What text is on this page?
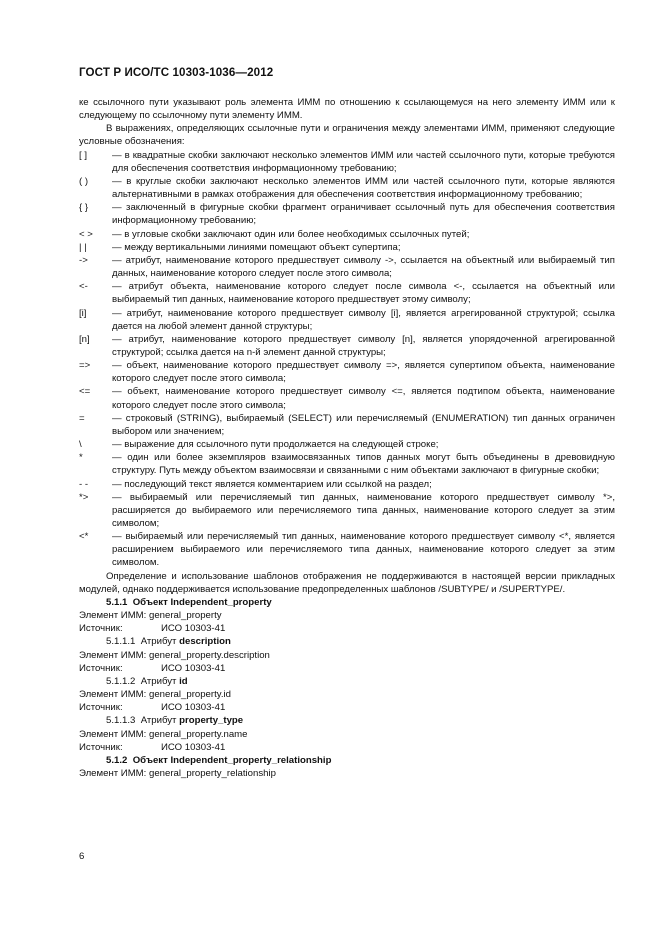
ГОСТ Р ИСО/ТС 10303-1036—2012

ке ссылочного пути указывают роль элемента ИММ по отношению к ссылающемуся на него элементу ИММ или к следующему по ссылочному пути элементу ИММ.

В выражениях, определяющих ссылочные пути и ограничения между элементами ИММ, применяют следующие условные обозначения:

[ ]	— в квадратные скобки заключают несколько элементов ИММ или частей ссылочного пути, которые требуются для обеспечения соответствия информационному требованию;

( ) — в круглые скобки заключают несколько элементов ИММ или частей ссылочного пути, которые являются альтернативными в рамках отображения для обеспечения соответствия информационному требованию;

{ } — заключенный в фигурные скобки фрагмент ограничивает ссылочный путь для обеспечения соответствия информационному требованию;

< > — в угловые скобки заключают один или более необходимых ссылочных путей;

| |	— между вертикальными линиями помещают объект супертипа;

->	— атрибут, наименование которого предшествует символу ->, ссылается на объектный или выбираемый тип данных, наименование которого следует после этого символа;

<-	— атрибут объекта, наименование которого следует после символа <-, ссылается на объектный или выбираемый тип данных, наименование которого предшествует этому символу;

[i]	— атрибут, наименование которого предшествует символу [i], является агрегированной структурой; ссылка дается на любой элемент данной структуры;

[n] — атрибут, наименование которого предшествует символу [n], является упорядоченной агрегированной структурой; ссылка дается на n-й элемент данной структуры;

=> — объект, наименование которого предшествует символу =>, является супертипом объекта, наименование которого следует после этого символа;

<= — объект, наименование которого предшествует символу <=, является подтипом объекта, наименование которого следует после этого символа;

=	— строковый (STRING), выбираемый (SELECT) или перечисляемый (ENUMERATION) тип данных ограничен выбором или значением;

\	— выражение для ссылочного пути продолжается на следующей строке;

*	— один или более экземпляров взаимосвязанных типов данных могут быть объединены в древовидную структуру. Путь между объектом взаимосвязи и связанными с ним объектами заключают в фигурные скобки;

- - — последующий текст является комментарием или ссылкой на раздел;

*> — выбираемый или перечисляемый тип данных, наименование которого предшествует символу *>, расширяется до выбираемого или перечисляемого типа данных, наименование которого следует за этим символом;

<* — выбираемый или перечисляемый тип данных, наименование которого предшествует символу <*, является расширением выбираемого или перечисляемого типа данных, наименование которого следует за этим символом.

Определение и использование шаблонов отображения не поддерживаются в настоящей версии прикладных модулей, однако поддерживается использование предопределенных шаблонов /SUBTYPE/ и /SUPERTYPE/.

5.1.1 Объект Independent_property

Элемент ИММ: general_property

Источник:	ИСО 10303-41

5.1.1.1 Атрибут description

Элемент ИММ: general_property.description

Источник:	ИСО 10303-41

5.1.1.2 Атрибут id

Элемент ИММ: general_property.id

Источник:	ИСО 10303-41

5.1.1.3 Атрибут property_type

Элемент ИММ: general_property.name

Источник:	ИСО 10303-41

5.1.2 Объект Independent_property_relationship

Элемент ИММ: general_property_relationship

6
